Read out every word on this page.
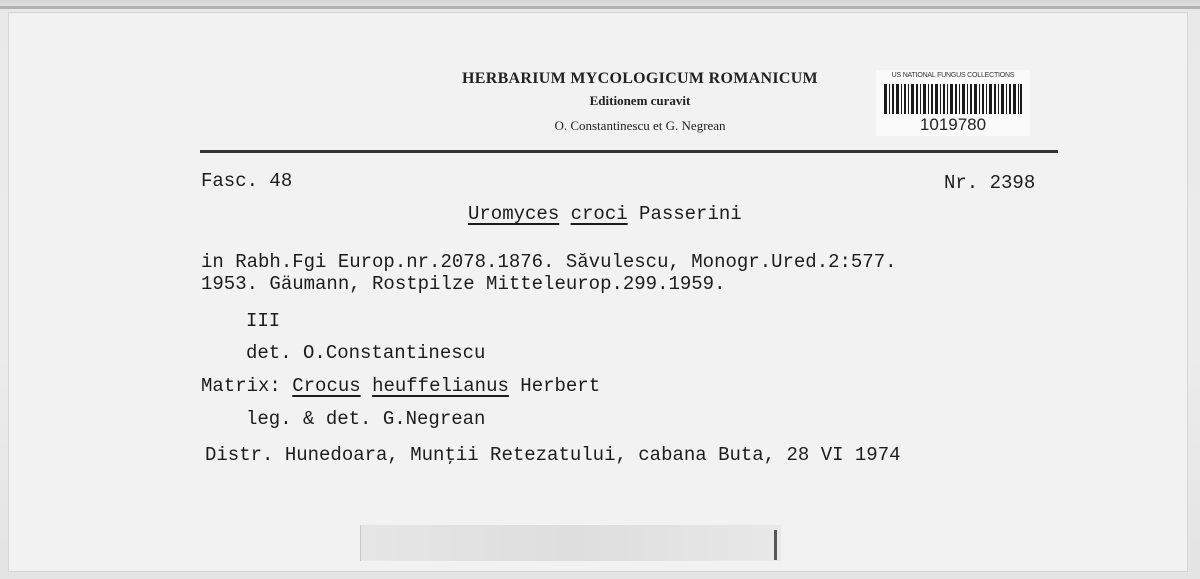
HERBARIUM MYCOLOGICUM ROMANICUM
Editionem curavit
O. Constantinescu et G. Negrean
US NATIONAL FUNGUS COLLECTIONS
1019780
Fasc. 48	Nr. 2398
Uromyces croci Passerini
in Rabh.Fgi Europ.nr.2078.1876. Săvulescu, Monogr.Ured.2:577.
1953. Gäumann, Rostpilze Mitteleurop.299.1959.
III
det. O.Constantinescu
Matrix: Crocus heuffelianus Herbert
leg. & det. G.Negrean
Distr. Hunedoara, Munţii Retezatului, cabana Buta, 28 VI 1974
